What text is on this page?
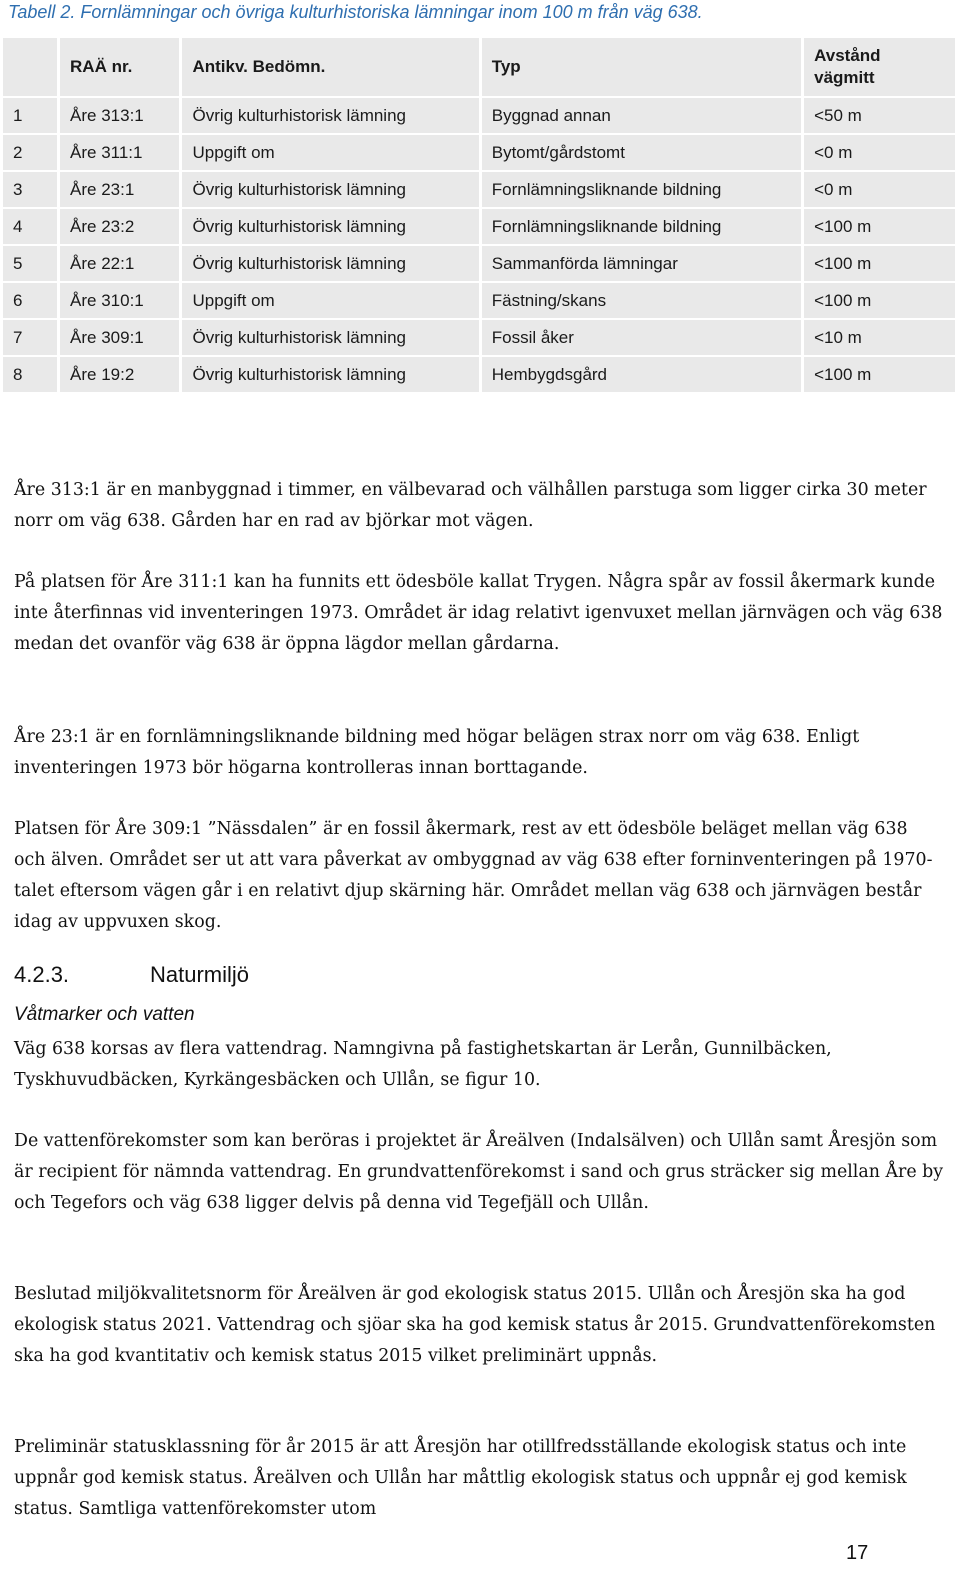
Tabell 2. Fornlämningar och övriga kulturhistoriska lämningar inom 100 m från väg 638.
	RAÄ nr.	Antikv. Bedömn.	Typ	Avstånd vägmitt
1	Åre 313:1	Övrig kulturhistorisk lämning	Byggnad annan	<50 m
2	Åre 311:1	Uppgift om	Bytomt/gårdstomt	<0 m
3	Åre 23:1	Övrig kulturhistorisk lämning	Fornlämningsliknande bildning	<0 m
4	Åre 23:2	Övrig kulturhistorisk lämning	Fornlämningsliknande bildning	<100 m
5	Åre 22:1	Övrig kulturhistorisk lämning	Sammanförda lämningar	<100 m
6	Åre 310:1	Uppgift om	Fästning/skans	<100 m
7	Åre 309:1	Övrig kulturhistorisk lämning	Fossil åker	<10 m
8	Åre 19:2	Övrig kulturhistorisk lämning	Hembygdsgård	<100 m

Åre 313:1 är en manbyggnad i timmer, en välbevarad och välhållen parstuga som ligger cirka 30 meter norr om väg 638. Gården har en rad av björkar mot vägen.

På platsen för Åre 311:1 kan ha funnits ett ödesböle kallat Trygen. Några spår av fossil åkermark kunde inte återfinnas vid inventeringen 1973. Området är idag relativt igenvuxet mellan järnvägen och väg 638 medan det ovanför väg 638 är öppna lägdor mellan gårdarna.

Åre 23:1 är en fornlämningsliknande bildning med högar belägen strax norr om väg 638. Enligt inventeringen 1973 bör högarna kontrolleras innan borttagande.

Platsen för Åre 309:1 ”Nässdalen” är en fossil åkermark, rest av ett ödesböle beläget mellan väg 638 och älven. Området ser ut att vara påverkat av ombyggnad av väg 638 efter forninventeringen på 1970-talet eftersom vägen går i en relativt djup skärning här. Området mellan väg 638 och järnvägen består idag av uppvuxen skog.

4.2.3.	Naturmiljö
Våtmarker och vatten

Väg 638 korsas av flera vattendrag. Namngivna på fastighetskartan är Lerån, Gunnilbäcken, Tyskhuvudbäcken, Kyrkängesbäcken och Ullån, se figur 10.

De vattenförekomster som kan beröras i projektet är Åreälven (Indalsälven) och Ullån samt Åresjön som är recipient för nämnda vattendrag. En grundvattenförekomst i sand och grus sträcker sig mellan Åre by och Tegefors och väg 638 ligger delvis på denna vid Tegefjäll och Ullån.

Beslutad miljökvalitetsnorm för Åreälven är god ekologisk status 2015. Ullån och Åresjön ska ha god ekologisk status 2021. Vattendrag och sjöar ska ha god kemisk status år 2015. Grundvattenförekomsten ska ha god kvantitativ och kemisk status 2015 vilket preliminärt uppnås.

Preliminär statusklassning för år 2015 är att Åresjön har otillfredsställande ekologisk status och inte uppnår god kemisk status. Åreälven och Ullån har måttlig ekologisk status och uppnår ej god kemisk status. Samtliga vattenförekomster utom

17
